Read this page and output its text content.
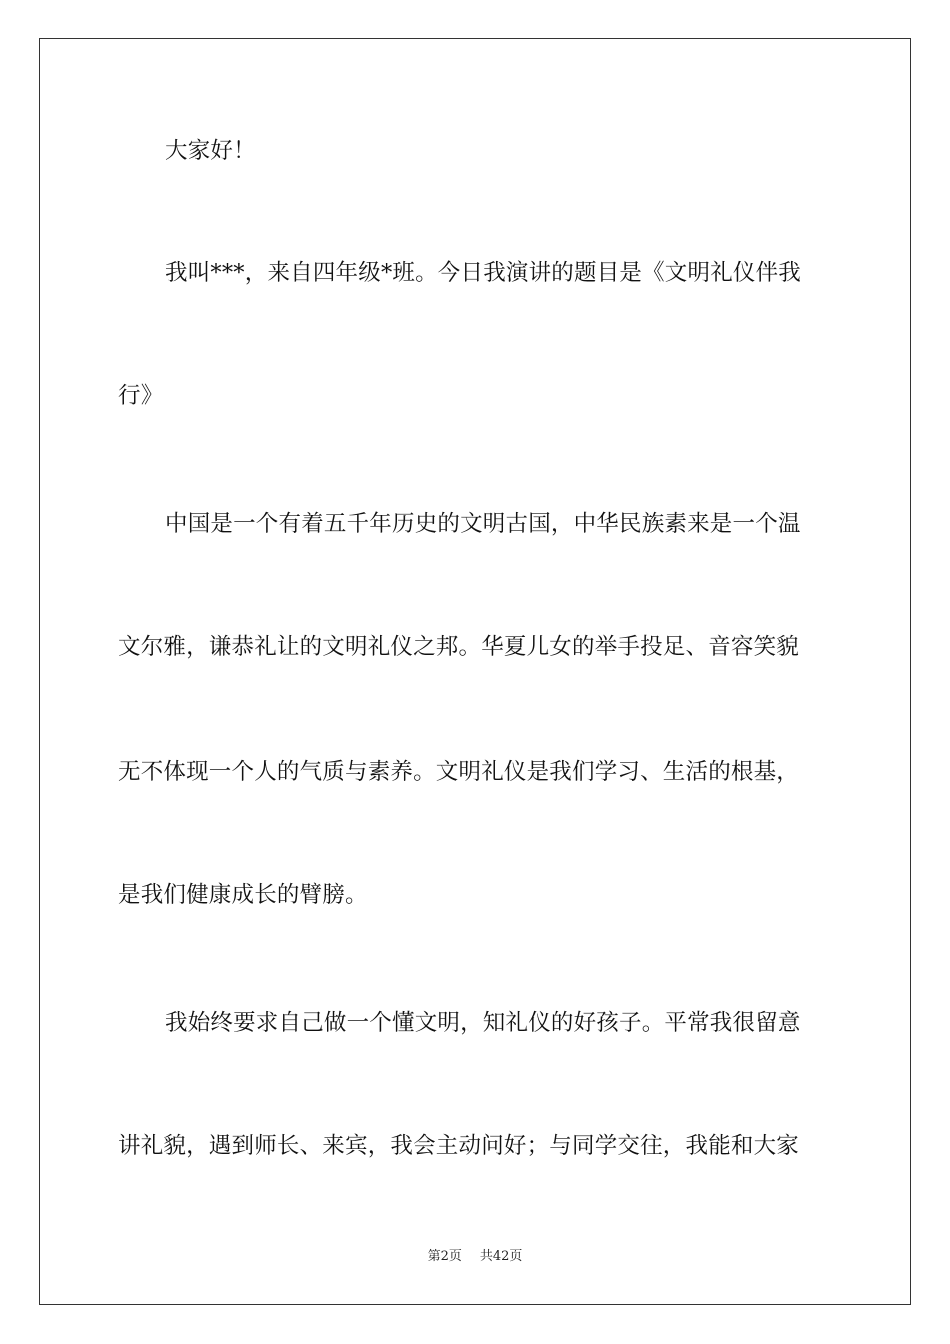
大家好！
我叫***，来自四年级*班。今日我演讲的题目是《文明礼仪伴我
行》
中国是一个有着五千年历史的文明古国，中华民族素来是一个温
文尔雅，谦恭礼让的文明礼仪之邦。华夏儿女的举手投足、音容笑貌
无不体现一个人的气质与素养。文明礼仪是我们学习、生活的根基，
是我们健康成长的臂膀。
我始终要求自己做一个懂文明，知礼仪的好孩子。平常我很留意
讲礼貌，遇到师长、来宾，我会主动问好；与同学交往，我能和大家
第2页 共42页
